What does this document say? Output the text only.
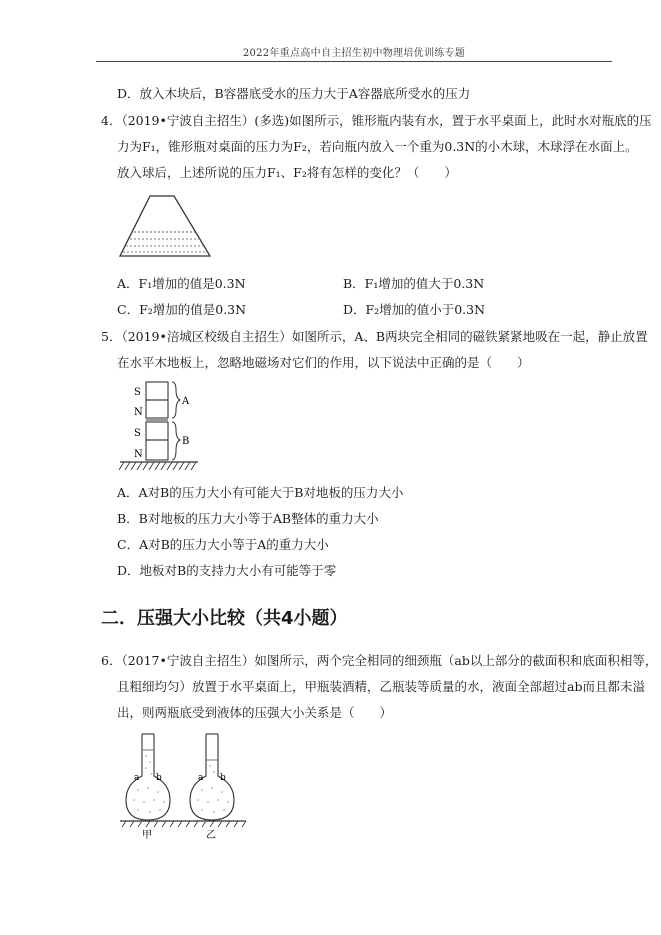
2022年重点高中自主招生初中物理培优训练专题
D．放入木块后，B容器底受水的压力大于A容器底所受水的压力
4．（2019•宁波自主招生）(多选)如图所示，锥形瓶内装有水，置于水平桌面上，此时水对瓶底的压
力为F₁，锥形瓶对桌面的压力为F₂，若向瓶内放入一个重为0.3N的小木球，木球浮在水面上。
放入球后，上述所说的压力F₁、F₂将有怎样的变化？（　　）
A．F₁增加的值是0.3N	B．F₁增加的值大于0.3N
C．F₂增加的值是0.3N	D．F₂增加的值小于0.3N
5．（2019•涪城区校级自主招生）如图所示，A、B两块完全相同的磁铁紧紧地吸在一起，静止放置
在水平木地板上，忽略地磁场对它们的作用，以下说法中正确的是（　　）
S
N
S
N
A
B
A．A对B的压力大小有可能大于B对地板的压力大小
B．B对地板的压力大小等于AB整体的重力大小
C．A对B的压力大小等于A的重力大小
D．地板对B的支持力大小有可能等于零
二．压强大小比较（共4小题）
6．（2017•宁波自主招生）如图所示，两个完全相同的细颈瓶（ab以上部分的截面积和底面积相等，
且粗细均匀）放置于水平桌面上，甲瓶装酒精，乙瓶装等质量的水，液面全部超过ab而且都未溢
出，则两瓶底受到液体的压强大小关系是（　　）
a b	a b
甲	乙
